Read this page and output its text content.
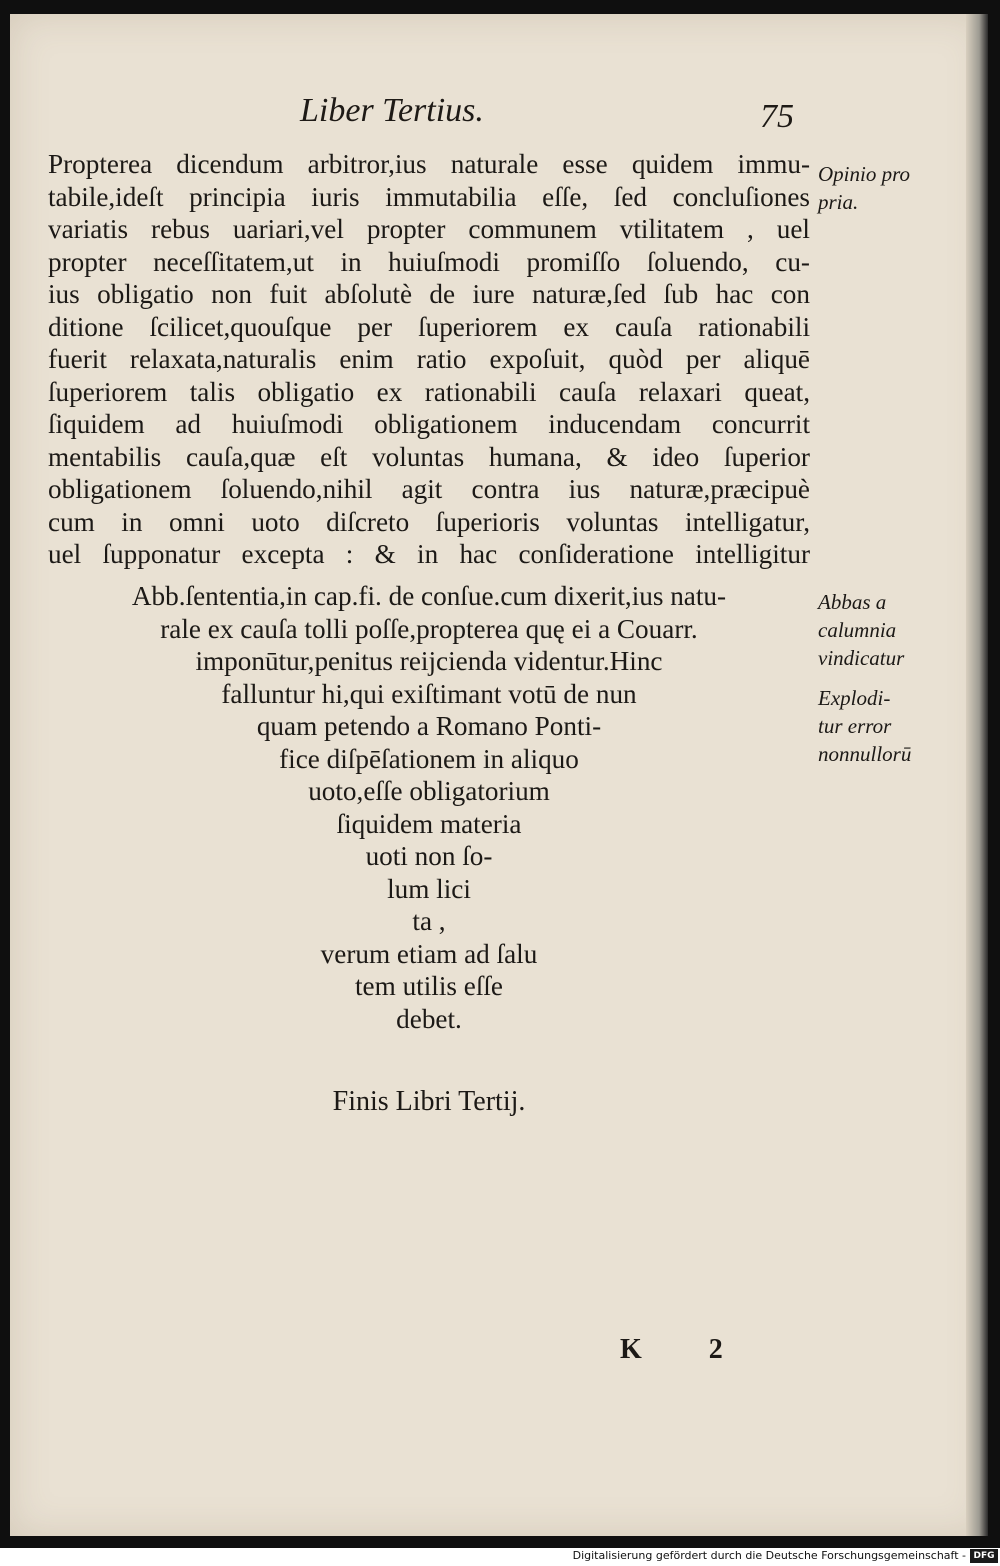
Liber Tertius.	75
Propterea dicendum arbitror,ius naturale esse quidem immu-
tabile,ideſt principia iuris immutabilia eſſe, ſed concluſiones
variatis rebus uariari,vel propter communem vtilitatem , uel
propter neceſſitatem,ut in huiuſmodi promiſſo ſoluendo, cu-
ius obligatio non fuit abſolutè de iure naturæ,ſed ſub hac con
ditione ſcilicet,quouſque per ſuperiorem ex cauſa rationabili
fuerit relaxata,naturalis enim ratio expoſuit, quòd per aliquē
ſuperiorem talis obligatio ex rationabili cauſa relaxari queat,
ſiquidem ad huiuſmodi obligationem inducendam concurrit
mentabilis cauſa,quæ eſt voluntas humana, & ideo ſuperior
obligationem ſoluendo,nihil agit contra ius naturæ,præcipuè
cum in omni uoto diſcreto ſuperioris voluntas intelligatur,
uel ſupponatur excepta : & in hac conſideratione intelligitur
Abb.ſententia,in cap.fi. de conſue.cum dixerit,ius natu-
rale ex cauſa tolli poſſe,propterea quę ei a Couarr.
imponūtur,penitus reijcienda videntur.Hinc
falluntur hi,qui exiſtimant votū de nun
quam petendo a Romano Ponti-
fice diſpēſationem in aliquo
uoto,eſſe obligatorium
ſiquidem materia
uoti non ſo-
lum lici
ta ,
verum etiam ad ſalu
tem utilis eſſe
debet.
Opinio pro
pria.
Abbas a
calumnia
vindicatur
Explodi-
tur error
nonnullorū
Finis Libri Tertij.
K 2
Digitalisierung gefördert durch die Deutsche Forschungsgemeinschaft - DFG
